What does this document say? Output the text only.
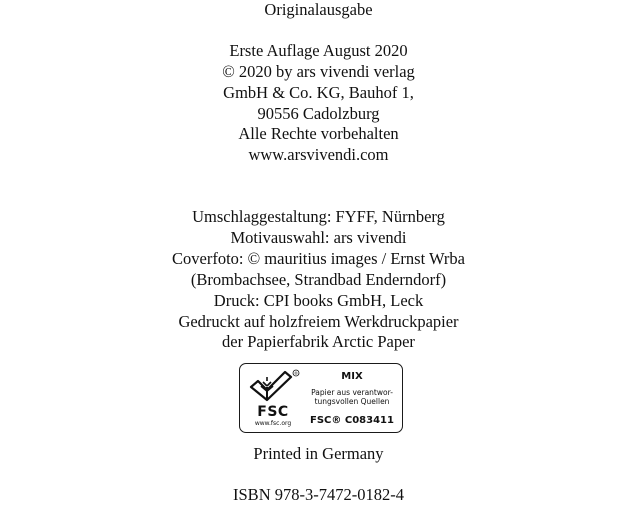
Originalausgabe
Erste Auflage August 2020
© 2020 by ars vivendi verlag
GmbH & Co. KG, Bauhof 1,
90556 Cadolzburg
Alle Rechte vorbehalten
www.arsvivendi.com
Umschlaggestaltung: FYFF, Nürnberg
Motivauswahl: ars vivendi
Coverfoto: © mauritius images / Ernst Wrba
(Brombachsee, Strandbad Enderndorf)
Druck: CPI books GmbH, Leck
Gedruckt auf holzfreiem Werkdruckpapier
der Papierfabrik Arctic Paper
®
FSC
www.fsc.org
MIX
Papier aus verantwor-
tungsvollen Quellen
FSC® C083411
Printed in Germany
ISBN 978-3-7472-0182-4
